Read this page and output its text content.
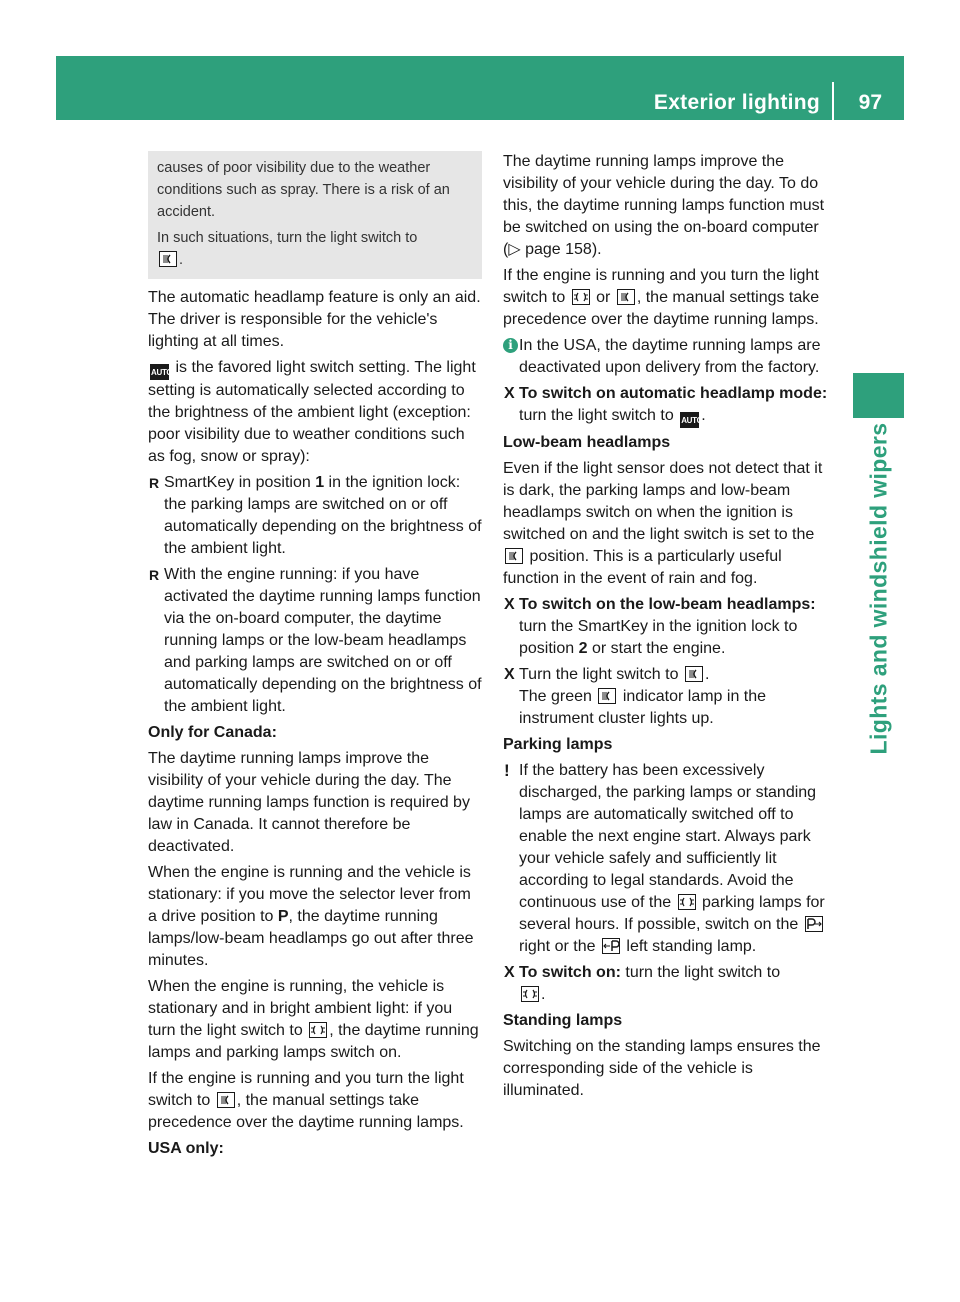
Exterior lighting 97
Lights and windshield wipers

causes of poor visibility due to the weather conditions such as spray. There is a risk of an accident.

In such situations, turn the light switch to

.

The automatic headlamp feature is only an aid. The driver is responsible for the vehicle's lighting at all times.

AUTO is the favored light switch setting. The light setting is automatically selected according to the brightness of the ambient light (exception: poor visibility due to weather conditions such as fog, snow or spray):

R SmartKey in position 1 in the ignition lock: the parking lamps are switched on or off automatically depending on the brightness of the ambient light.
R With the engine running: if you have activated the daytime running lamps function via the on-board computer, the daytime running lamps or the low-beam headlamps and parking lamps are switched on or off automatically depending on the brightness of the ambient light.

Only for Canada:

The daytime running lamps improve the visibility of your vehicle during the day. The daytime running lamps function is required by law in Canada. It cannot therefore be deactivated.

When the engine is running and the vehicle is stationary: if you move the selector lever from a drive position to P, the daytime running lamps/low-beam headlamps go out after three minutes.

When the engine is running, the vehicle is stationary and in bright ambient light: if you turn the light switch to , the daytime running lamps and parking lamps switch on.

If the engine is running and you turn the light switch to , the manual settings take precedence over the daytime running lamps.

USA only:

The daytime running lamps improve the visibility of your vehicle during the day. To do this, the daytime running lamps function must be switched on using the on-board computer (▷ page 158).

If the engine is running and you turn the light switch to or , the manual settings take precedence over the daytime running lamps.

i In the USA, the daytime running lamps are deactivated upon delivery from the factory.
X To switch on automatic headlamp mode: turn the light switch to AUTO.

Low-beam headlamps

Even if the light sensor does not detect that it is dark, the parking lamps and low-beam headlamps switch on when the ignition is switched on and the light switch is set to the
position. This is a particularly useful function in the event of rain and fog.

X To switch on the low-beam headlamps: turn the SmartKey in the ignition lock to position 2 or start the engine.
X Turn the light switch to .
The green indicator lamp in the instrument cluster lights up.

Parking lamps

! If the battery has been excessively discharged, the parking lamps or standing lamps are automatically switched off to enable the next engine start. Always park your vehicle safely and sufficiently lit according to legal standards. Avoid the continuous use of the parking lamps for several hours. If possible, switch on the
right or the left standing lamp.
X To switch on: turn the light switch to

.

Standing lamps

Switching on the standing lamps ensures the corresponding side of the vehicle is illuminated.
